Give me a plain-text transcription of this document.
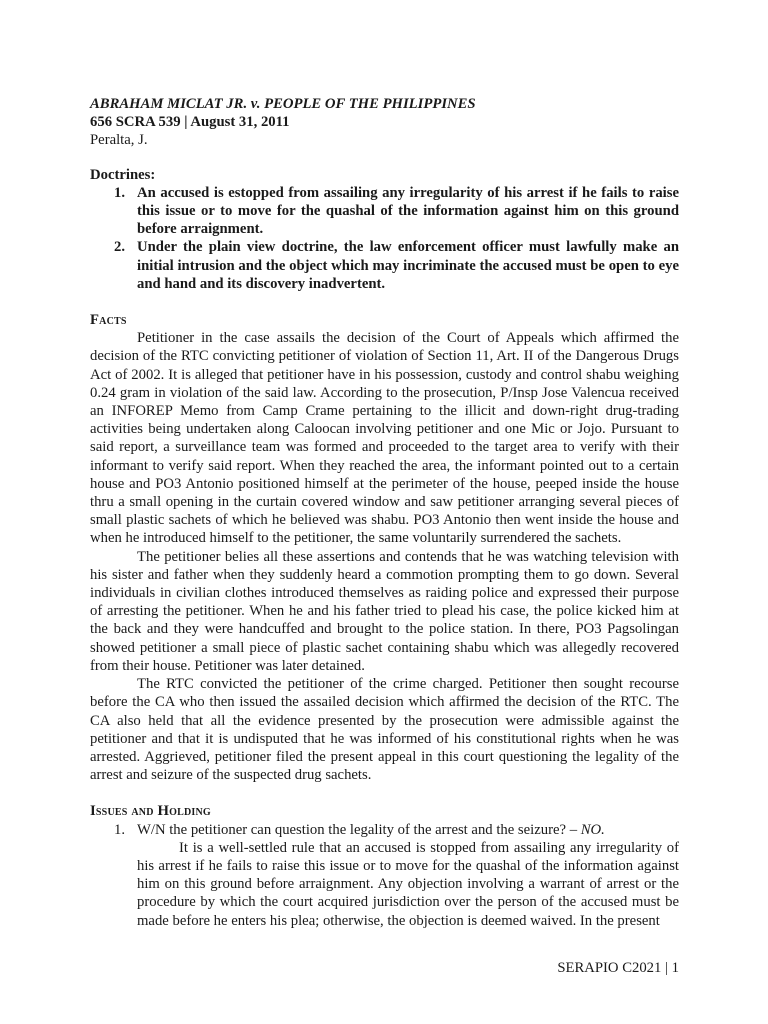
ABRAHAM MICLAT JR. v. PEOPLE OF THE PHILIPPINES

656 SCRA 539 | August 31, 2011

Peralta, J.

Doctrines:

1. An accused is estopped from assailing any irregularity of his arrest if he fails to raise this issue or to move for the quashal of the information against him on this ground before arraignment.
2. Under the plain view doctrine, the law enforcement officer must lawfully make an initial intrusion and the object which may incriminate the accused must be open to eye and hand and its discovery inadvertent.

Facts

Petitioner in the case assails the decision of the Court of Appeals which affirmed the decision of the RTC convicting petitioner of violation of Section 11, Art. II of the Dangerous Drugs Act of 2002. It is alleged that petitioner have in his possession, custody and control shabu weighing 0.24 gram in violation of the said law. According to the prosecution, P/Insp Jose Valencua received an INFOREP Memo from Camp Crame pertaining to the illicit and down-right drug-trading activities being undertaken along Caloocan involving petitioner and one Mic or Jojo. Pursuant to said report, a surveillance team was formed and proceeded to the target area to verify with their informant to verify said report. When they reached the area, the informant pointed out to a certain house and PO3 Antonio positioned himself at the perimeter of the house, peeped inside the house thru a small opening in the curtain covered window and saw petitioner arranging several pieces of small plastic sachets of which he believed was shabu. PO3 Antonio then went inside the house and when he introduced himself to the petitioner, the same voluntarily surrendered the sachets.

The petitioner belies all these assertions and contends that he was watching television with his sister and father when they suddenly heard a commotion prompting them to go down. Several individuals in civilian clothes introduced themselves as raiding police and expressed their purpose of arresting the petitioner. When he and his father tried to plead his case, the police kicked him at the back and they were handcuffed and brought to the police station. In there, PO3 Pagsolingan showed petitioner a small piece of plastic sachet containing shabu which was allegedly recovered from their house. Petitioner was later detained.

The RTC convicted the petitioner of the crime charged. Petitioner then sought recourse before the CA who then issued the assailed decision which affirmed the decision of the RTC. The CA also held that all the evidence presented by the prosecution were admissible against the petitioner and that it is undisputed that he was informed of his constitutional rights when he was arrested. Aggrieved, petitioner filed the present appeal in this court questioning the legality of the arrest and seizure of the suspected drug sachets.

Issues and Holding

1. W/N the petitioner can question the legality of the arrest and the seizure? – NO.

It is a well-settled rule that an accused is stopped from assailing any irregularity of his arrest if he fails to raise this issue or to move for the quashal of the information against him on this ground before arraignment. Any objection involving a warrant of arrest or the procedure by which the court acquired jurisdiction over the person of the accused must be made before he enters his plea; otherwise, the objection is deemed waived. In the present

SERAPIO C2021 | 1
